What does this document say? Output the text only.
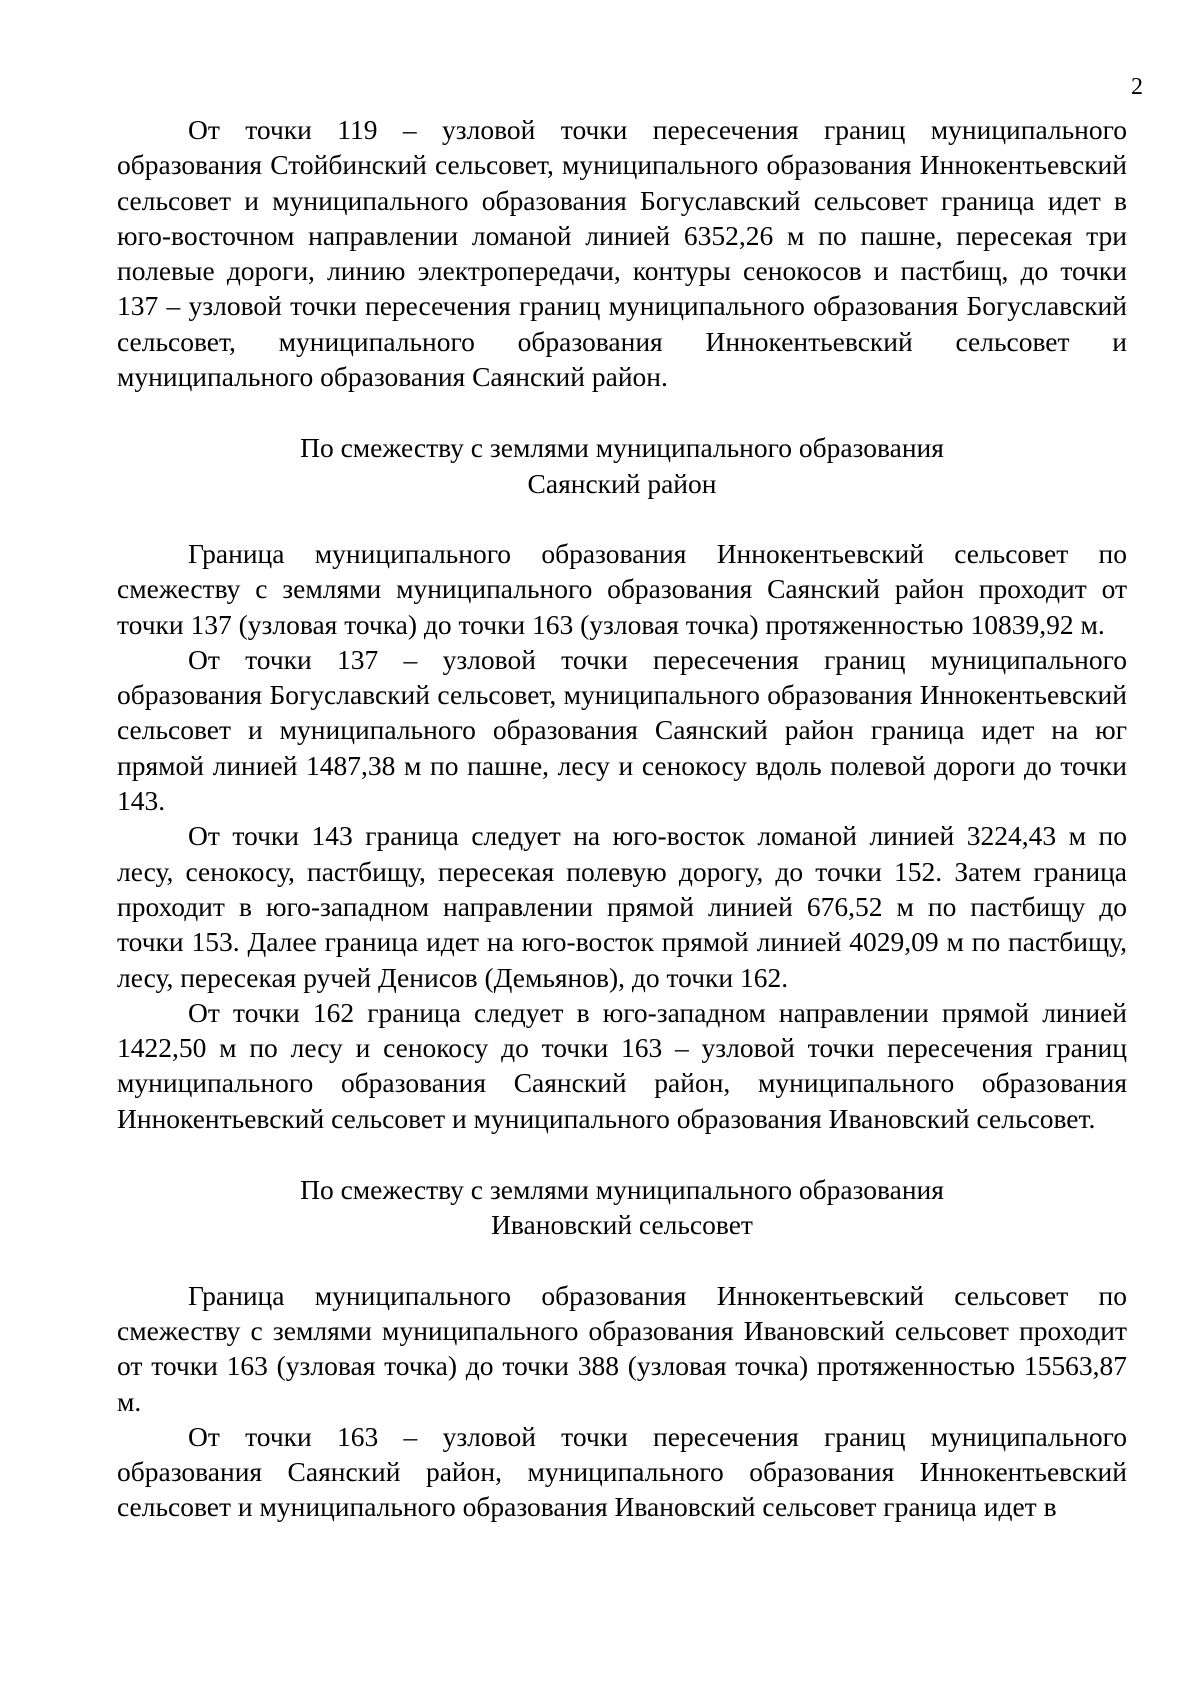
2

От точки 119 – узловой точки пересечения границ муниципального образования Стойбинский сельсовет, муниципального образования Иннокентьевский сельсовет и муниципального образования Богуславский сельсовет граница идет в юго-восточном направлении ломаной линией 6352,26 м по пашне, пересекая три полевые дороги, линию электропередачи, контуры сенокосов и пастбищ, до точки 137 – узловой точки пересечения границ муниципального образования Богуславский сельсовет, муниципального образования Иннокентьевский сельсовет и муниципального образования Саянский район.

По смежеству с землями муниципального образования
Саянский район

Граница муниципального образования Иннокентьевский сельсовет по смежеству с землями муниципального образования Саянский район проходит от точки 137 (узловая точка) до точки 163 (узловая точка) протяженностью 10839,92 м.

От точки 137 – узловой точки пересечения границ муниципального образования Богуславский сельсовет, муниципального образования Иннокентьевский сельсовет и муниципального образования Саянский район граница идет на юг прямой линией 1487,38 м по пашне, лесу и сенокосу вдоль полевой дороги до точки 143.

От точки 143 граница следует на юго-восток ломаной линией 3224,43 м по лесу, сенокосу, пастбищу, пересекая полевую дорогу, до точки 152. Затем граница проходит в юго-западном направлении прямой линией 676,52 м по пастбищу до точки 153. Далее граница идет на юго-восток прямой линией 4029,09 м по пастбищу, лесу, пересекая ручей Денисов (Демьянов), до точки 162.

От точки 162 граница следует в юго-западном направлении прямой линией 1422,50 м по лесу и сенокосу до точки 163 – узловой точки пересечения границ муниципального образования Саянский район, муниципального образования Иннокентьевский сельсовет и муниципального образования Ивановский сельсовет.

По смежеству с землями муниципального образования
Ивановский сельсовет

Граница муниципального образования Иннокентьевский сельсовет по смежеству с землями муниципального образования Ивановский сельсовет проходит от точки 163 (узловая точка) до точки 388 (узловая точка) протяженностью 15563,87 м.

От точки 163 – узловой точки пересечения границ муниципального образования Саянский район, муниципального образования Иннокентьевский сельсовет и муниципального образования Ивановский сельсовет граница идет в
